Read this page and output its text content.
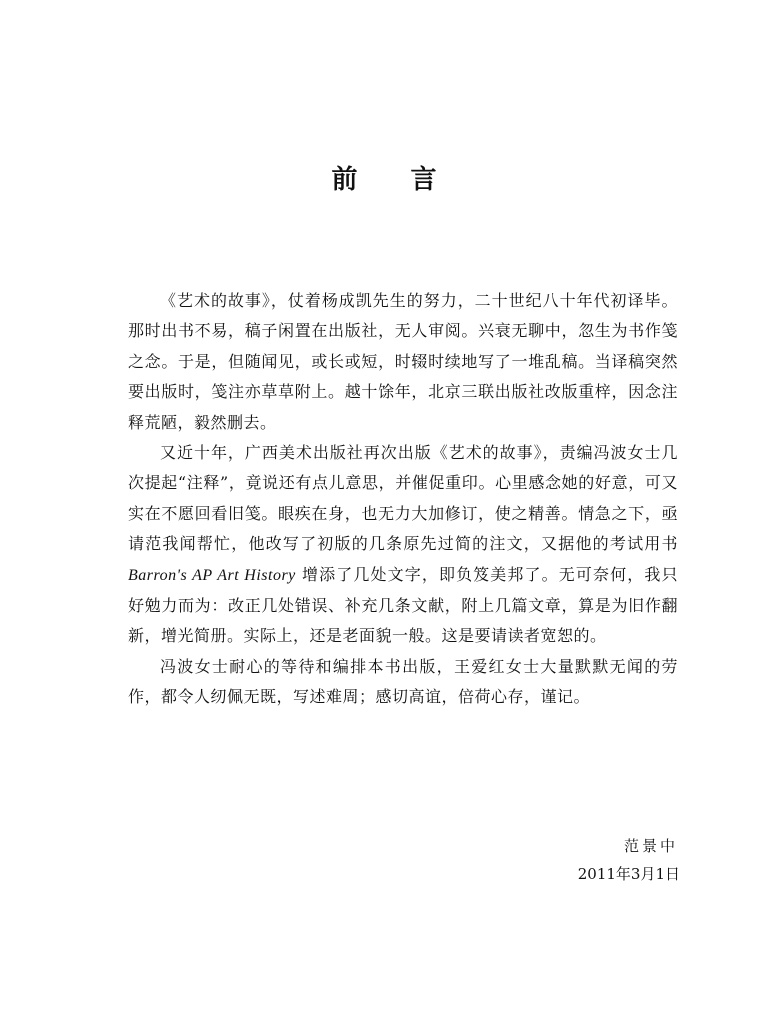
前 言

《艺术的故事》，仗着杨成凯先生的努力，二十世纪八十年代初译毕。那时出书不易，稿子闲置在出版社，无人审阅。兴衰无聊中，忽生为书作笺之念。于是，但随闻见，或长或短，时辍时续地写了一堆乱稿。当译稿突然要出版时，笺注亦草草附上。越十馀年，北京三联出版社改版重梓，因念注释荒陋，毅然删去。

又近十年，广西美术出版社再次出版《艺术的故事》，责编冯波女士几次提起“注释”，竟说还有点儿意思，并催促重印。心里感念她的好意，可又实在不愿回看旧笺。眼疾在身，也无力大加修订，使之精善。情急之下，亟请范我闻帮忙，他改写了初版的几条原先过简的注文，又据他的考试用书 Barron's AP Art History 增添了几处文字，即负笈美邦了。无可奈何，我只好勉力而为：改正几处错误、补充几条文献，附上几篇文章，算是为旧作翻新，增光简册。实际上，还是老面貌一般。这是要请读者宽恕的。

冯波女士耐心的等待和编排本书出版，王爱红女士大量默默无闻的劳作，都令人纫佩无既，写述难周；感切高谊，倍荷心存，谨记。

范景中
2011年3月1日
